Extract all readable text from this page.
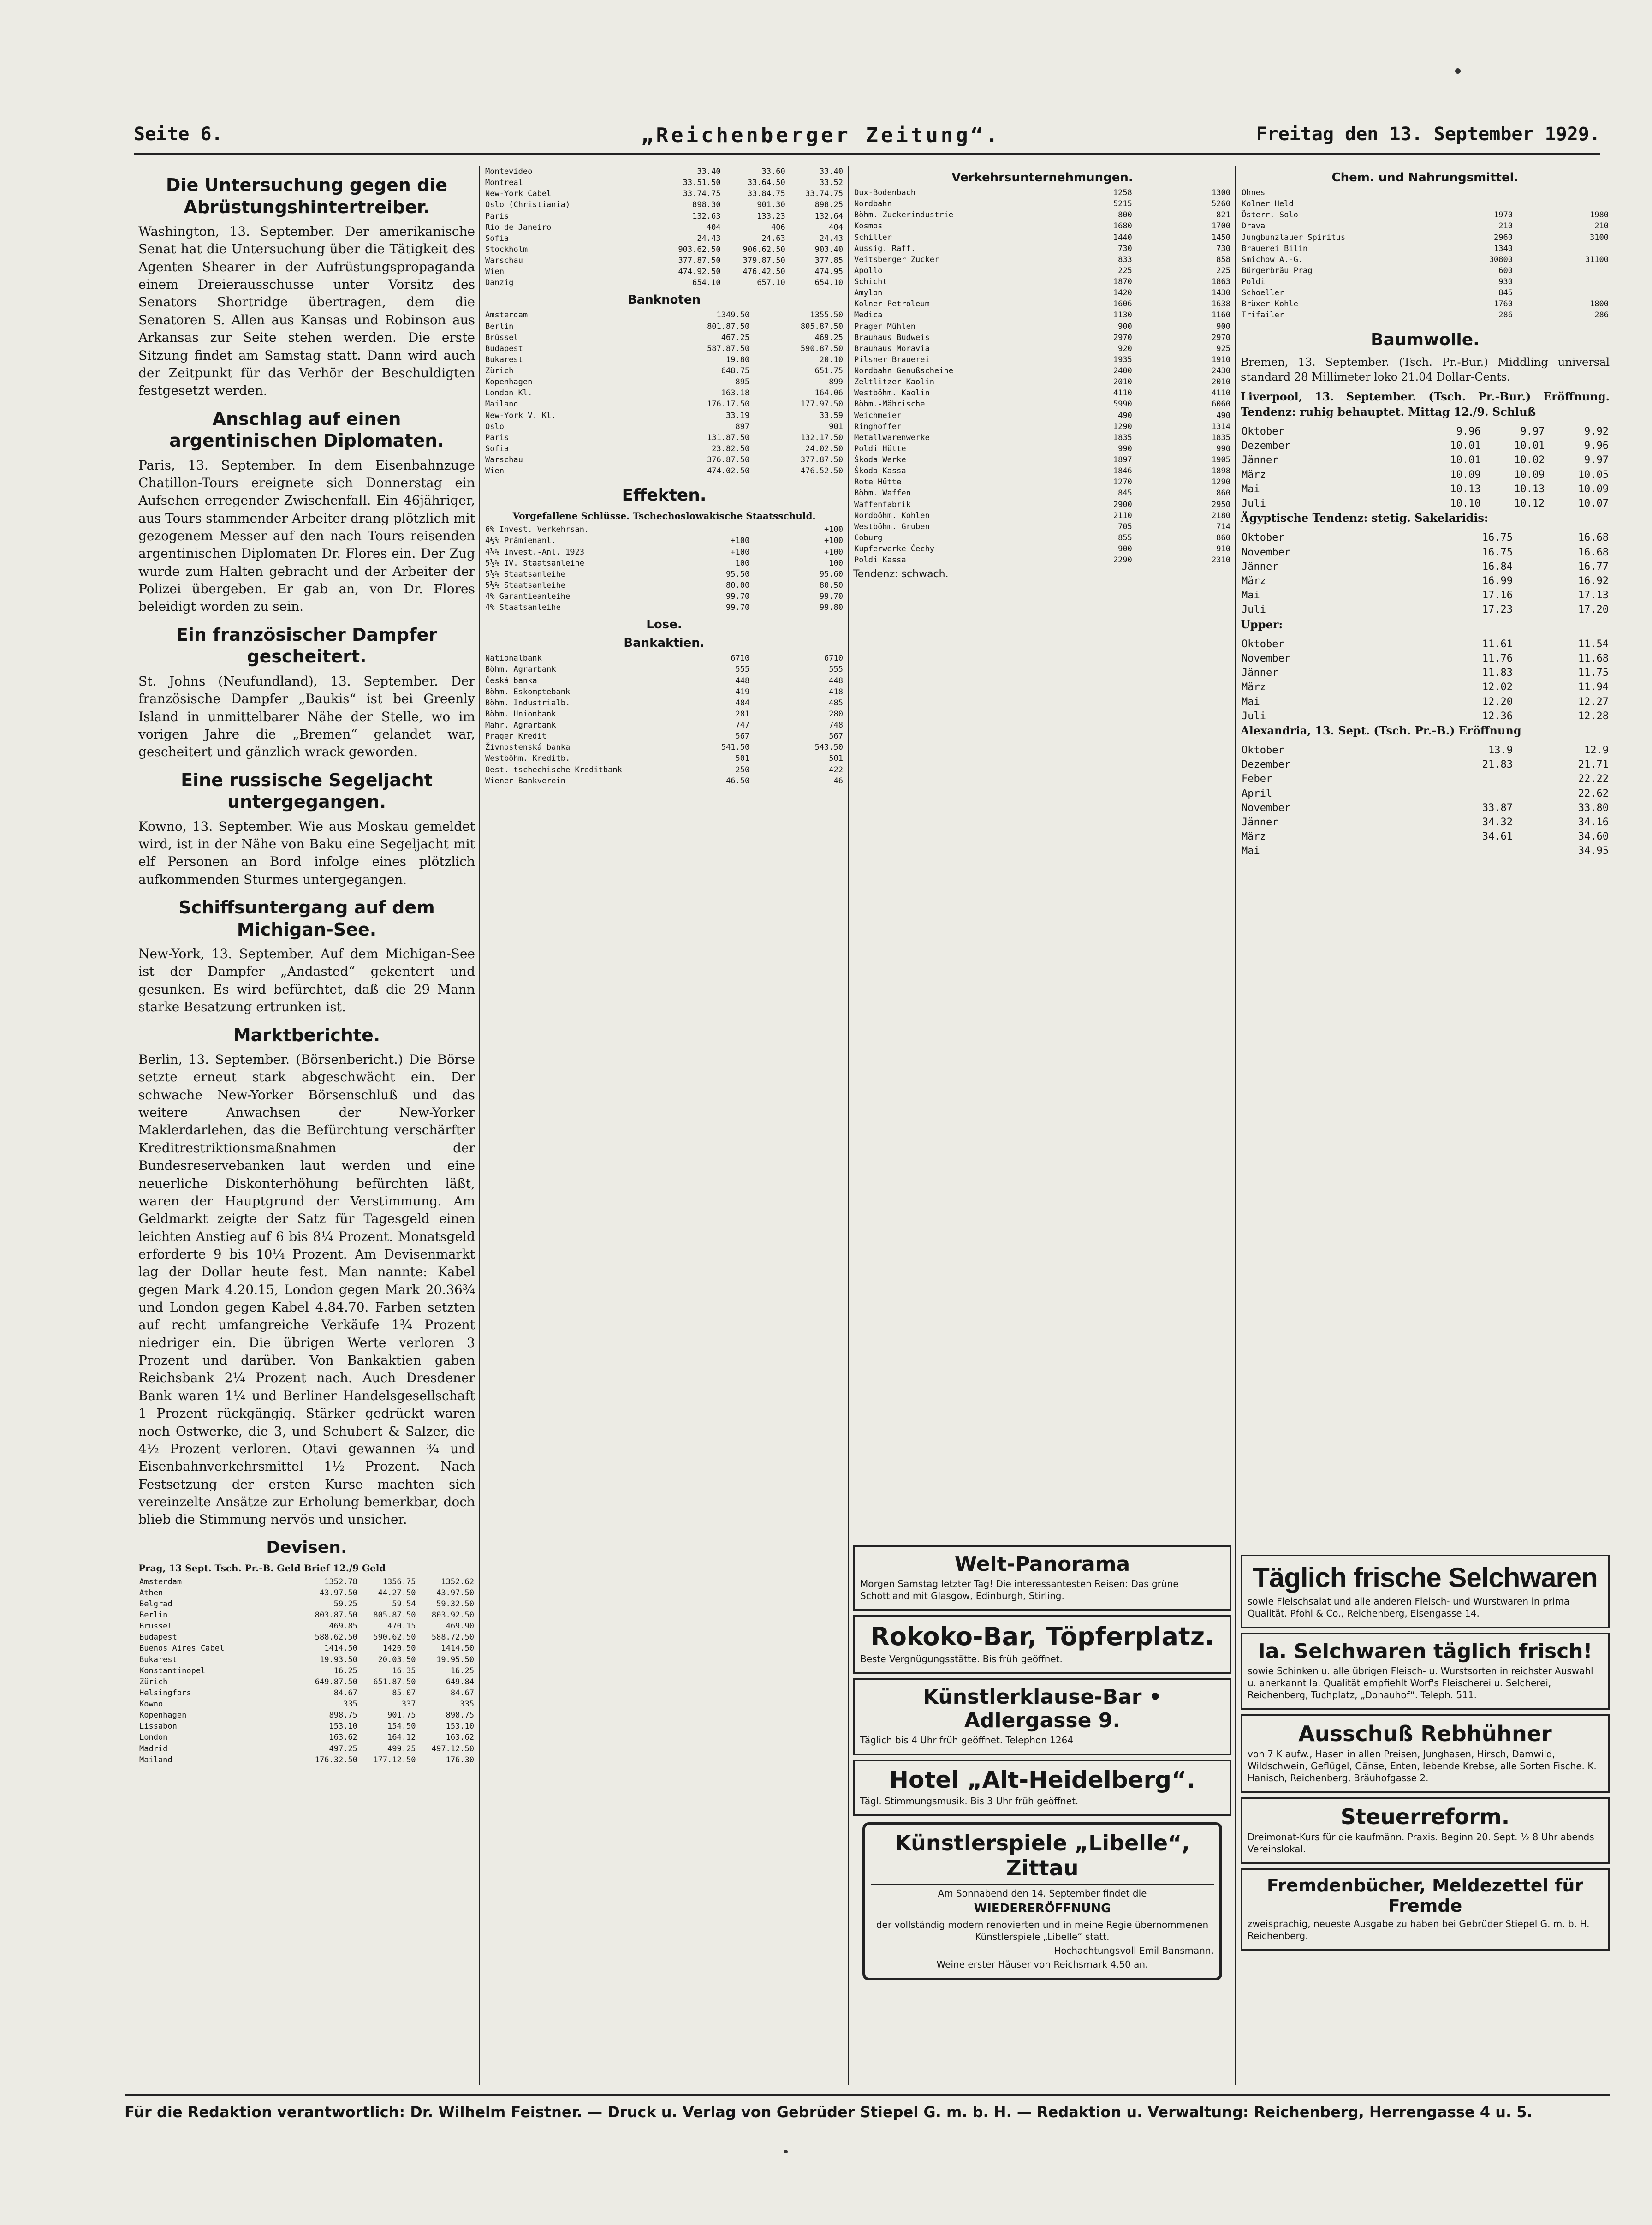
Seite 6.	„Reichenberger Zeitung“.	Freitag den 13. September 1929.
Die Untersuchung gegen die Abrüstungshintertreiber.

Washington, 13. September. Der amerikanische Senat hat die Untersuchung über die Tätigkeit des Agenten Shearer in der Aufrüstungspropaganda einem Dreierausschusse unter Vorsitz des Senators Shortridge übertragen, dem die Senatoren S. Allen aus Kansas und Robinson aus Arkansas zur Seite stehen werden. Die erste Sitzung findet am Samstag statt. Dann wird auch der Zeitpunkt für das Verhör der Beschuldigten festgesetzt werden.

Anschlag auf einen argentinischen Diplomaten.

Paris, 13. September. In dem Eisenbahnzuge Chatillon-Tours ereignete sich Donnerstag ein Aufsehen erregender Zwischenfall. Ein 46jähriger, aus Tours stammender Arbeiter drang plötzlich mit gezogenem Messer auf den nach Tours reisenden argentinischen Diplomaten Dr. Flores ein. Der Zug wurde zum Halten gebracht und der Arbeiter der Polizei übergeben. Er gab an, von Dr. Flores beleidigt worden zu sein.

Ein französischer Dampfer gescheitert.

St. Johns (Neufundland), 13. September. Der französische Dampfer „Baukis“ ist bei Greenly Island in unmittelbarer Nähe der Stelle, wo im vorigen Jahre die „Bremen“ gelandet war, gescheitert und gänzlich wrack geworden.

Eine russische Segeljacht untergegangen.

Kowno, 13. September. Wie aus Moskau gemeldet wird, ist in der Nähe von Baku eine Segeljacht mit elf Personen an Bord infolge eines plötzlich aufkommenden Sturmes untergegangen.

Schiffsuntergang auf dem Michigan-See.

New-York, 13. September. Auf dem Michigan-See ist der Dampfer „Andasted“ gekentert und gesunken. Es wird befürchtet, daß die 29 Mann starke Besatzung ertrunken ist.

Marktberichte.

Berlin, 13. September. (Börsenbericht.) Die Börse setzte erneut stark abgeschwächt ein. Der schwache New-Yorker Börsenschluß und das weitere Anwachsen der New-Yorker Maklerdarlehen, das die Befürchtung verschärfter Kreditrestriktionsmaßnahmen der Bundesreservebanken laut werden und eine neuerliche Diskonterhöhung befürchten läßt, waren der Hauptgrund der Verstimmung. Am Geldmarkt zeigte der Satz für Tagesgeld einen leichten Anstieg auf 6 bis 8¼ Prozent. Monatsgeld erforderte 9 bis 10¼ Prozent. Am Devisenmarkt lag der Dollar heute fest. Man nannte: Kabel gegen Mark 4.20.15, London gegen Mark 20.36¾ und London gegen Kabel 4.84.70. Farben setzten auf recht umfangreiche Verkäufe 1¾ Prozent niedriger ein. Die übrigen Werte verloren 3 Prozent und darüber. Von Bankaktien gaben Reichsbank 2¼ Prozent nach. Auch Dresdener Bank waren 1¼ und Berliner Handelsgesellschaft 1 Prozent rückgängig. Stärker gedrückt waren noch Ostwerke, die 3, und Schubert & Salzer, die 4½ Prozent verloren. Otavi gewannen ¾ und Eisenbahnverkehrsmittel 1½ Prozent. Nach Festsetzung der ersten Kurse machten sich vereinzelte Ansätze zur Erholung bemerkbar, doch blieb die Stimmung nervös und unsicher.

Devisen.
Prag, 13 Sept. Tsch. Pr.-B. Geld Brief 12./9 Geld
Amsterdam	1352.78	1356.75	1352.62
Athen	43.97.50	44.27.50	43.97.50
Belgrad	59.25	59.54	59.32.50
Berlin	803.87.50	805.87.50	803.92.50
Brüssel	469.85	470.15	469.90
Budapest	588.62.50	590.62.50	588.72.50
Buenos Aires Cabel	1414.50	1420.50	1414.50
Bukarest	19.93.50	20.03.50	19.95.50
Konstantinopel	16.25	16.35	16.25
Zürich	649.87.50	651.87.50	649.84
Helsingfors	84.67	85.07	84.67
Kowno	335	337	335
Kopenhagen	898.75	901.75	898.75
Lissabon	153.10	154.50	153.10
London	163.62	164.12	163.62
Madrid	497.25	499.25	497.12.50
Mailand	176.32.50	177.12.50	176.30
Montevideo	33.40	33.60	33.40
Montreal	33.51.50	33.64.50	33.52
New-York Cabel	33.74.75	33.84.75	33.74.75
Oslo (Christiania)	898.30	901.30	898.25
Paris	132.63	133.23	132.64
Rio de Janeiro	404	406	404
Sofia	24.43	24.63	24.43
Stockholm	903.62.50	906.62.50	903.40
Warschau	377.87.50	379.87.50	377.85
Wien	474.92.50	476.42.50	474.95
Danzig	654.10	657.10	654.10
Banknoten
Amsterdam	1349.50	1355.50
Berlin	801.87.50	805.87.50
Brüssel	467.25	469.25
Budapest	587.87.50	590.87.50
Bukarest	19.80	20.10
Zürich	648.75	651.75
Kopenhagen	895	899
London Kl.	163.18	164.06
Mailand	176.17.50	177.97.50
New-York V. Kl.	33.19	33.59
Oslo	897	901
Paris	131.87.50	132.17.50
Sofia	23.82.50	24.02.50
Warschau	376.87.50	377.87.50
Wien	474.02.50	476.52.50
Effekten.
Vorgefallene Schlüsse. Tschechoslowakische Staatsschuld.
6% Invest. Verkehrsan.		+100
4½% Prämienanl.	+100	+100
4½% Invest.-Anl. 1923	+100	+100
5½% IV. Staatsanleihe	100	100
5½% Staatsanleihe	95.50	95.60
5½% Staatsanleihe	80.00	80.50
4% Garantieanleihe	99.70	99.70
4% Staatsanleihe	99.70	99.80
Lose.
Bankaktien.
Nationalbank	6710	6710
Böhm. Agrarbank	555	555
Česká banka	448	448
Böhm. Eskomptebank	419	418
Böhm. Industrialb.	484	485
Böhm. Unionbank	281	280
Mähr. Agrarbank	747	748
Prager Kredit	567	567
Živnostenská banka	541.50	543.50
Westböhm. Kreditb.	501	501
Oest.-tschechische Kreditbank	250	422
Wiener Bankverein	46.50	46
Verkehrsunternehmungen.
Dux-Bodenbach	1258	1300
Nordbahn	5215	5260
Böhm. Zuckerindustrie	800	821
Kosmos	1680	1700
Schiller	1440	1450
Aussig. Raff.	730	730
Veitsberger Zucker	833	858
Apollo	225	225
Schicht	1870	1863
Amylon	1420	1430
Kolner Petroleum	1606	1638
Medica	1130	1160
Prager Mühlen	900	900
Brauhaus Budweis	2970	2970
Brauhaus Moravia	920	925
Pilsner Brauerei	1935	1910
Nordbahn Genußscheine	2400	2430
Zeltlitzer Kaolin	2010	2010
Westböhm. Kaolin	4110	4110
Böhm.-Mährische	5990	6060
Weichmeier	490	490
Ringhoffer	1290	1314
Metallwarenwerke	1835	1835
Poldi Hütte	990	990
Škoda Werke	1897	1905
Škoda Kassa	1846	1898
Rote Hütte	1270	1290
Böhm. Waffen	845	860
Waffenfabrik	2900	2950
Nordböhm. Kohlen	2110	2180
Westböhm. Gruben	705	714
Coburg	855	860
Kupferwerke Čechy	900	910
Poldi Kassa	2290	2310
Tendenz: schwach.
Welt-Panorama

Morgen Samstag letzter Tag! Die interessantesten Reisen: Das grüne Schottland mit Glasgow, Edinburgh, Stirling.

Rokoko-Bar, Töpferplatz.

Beste Vergnügungsstätte. Bis früh geöffnet.

Künstlerklause-Bar • Adlergasse 9.

Täglich bis 4 Uhr früh geöffnet. Telephon 1264

Hotel „Alt-Heidelberg“.

Tägl. Stimmungsmusik. Bis 3 Uhr früh geöffnet.

Künstlerspiele „Libelle“, Zittau

Am Sonnabend den 14. September findet die

WIEDERERÖFFNUNG

der vollständig modern renovierten und in meine Regie übernommenen Künstlerspiele „Libelle“ statt.

Hochachtungsvoll Emil Bansmann.

Weine erster Häuser von Reichsmark 4.50 an.

Chem. und Nahrungsmittel.
Ohnes		
Kolner Held		
Österr. Solo	1970	1980
Drava	210	210
Jungbunzlauer Spiritus	2960	3100
Brauerei Bilin	1340	
Smichow A.-G.	30800	31100
Bürgerbräu Prag	600	
Poldi	930	
Schoeller	845	
Brüxer Kohle	1760	1800
Trifailer	286	286
Baumwolle.

Bremen, 13. September. (Tsch. Pr.-Bur.) Middling universal standard 28 Millimeter loko 21.04 Dollar-Cents.

Liverpool, 13. September. (Tsch. Pr.-Bur.) Eröffnung. Tendenz: ruhig behauptet. Mittag 12./9. Schluß

Oktober	9.96	9.97	9.92
Dezember	10.01	10.01	9.96
Jänner	10.01	10.02	9.97
März	10.09	10.09	10.05
Mai	10.13	10.13	10.09
Juli	10.10	10.12	10.07

Ägyptische Tendenz: stetig. Sakelaridis:

Oktober	16.75	16.68
November	16.75	16.68
Jänner	16.84	16.77
März	16.99	16.92
Mai	17.16	17.13
Juli	17.23	17.20

Upper:

Oktober	11.61	11.54
November	11.76	11.68
Jänner	11.83	11.75
März	12.02	11.94
Mai	12.20	12.27
Juli	12.36	12.28

Alexandria, 13. Sept. (Tsch. Pr.-B.) Eröffnung

Oktober	13.9	12.9
Dezember	21.83	21.71
Feber		22.22
April		22.62
November	33.87	33.80
Jänner	34.32	34.16
März	34.61	34.60
Mai		34.95
Täglich frische Selchwaren

sowie Fleischsalat und alle anderen Fleisch- und Wurstwaren in prima Qualität. Pfohl & Co., Reichenberg, Eisengasse 14.

Ia. Selchwaren täglich frisch!

sowie Schinken u. alle übrigen Fleisch- u. Wurstsorten in reichster Auswahl u. anerkannt Ia. Qualität empfiehlt Worf's Fleischerei u. Selcherei, Reichenberg, Tuchplatz, „Donauhof“. Teleph. 511.

Ausschuß Rebhühner

von 7 K aufw., Hasen in allen Preisen, Junghasen, Hirsch, Damwild, Wildschwein, Geflügel, Gänse, Enten, lebende Krebse, alle Sorten Fische. K. Hanisch, Reichenberg, Bräuhofgasse 2.

Steuerreform.

Dreimonat-Kurs für die kaufmänn. Praxis. Beginn 20. Sept. ½ 8 Uhr abends Vereinslokal.

Fremdenbücher, Meldezettel für Fremde

zweisprachig, neueste Ausgabe zu haben bei Gebrüder Stiepel G. m. b. H. Reichenberg.

Für die Redaktion verantwortlich: Dr. Wilhelm Feistner. — Druck u. Verlag von Gebrüder Stiepel G. m. b. H. — Redaktion u. Verwaltung: Reichenberg, Herrengasse 4 u. 5.
